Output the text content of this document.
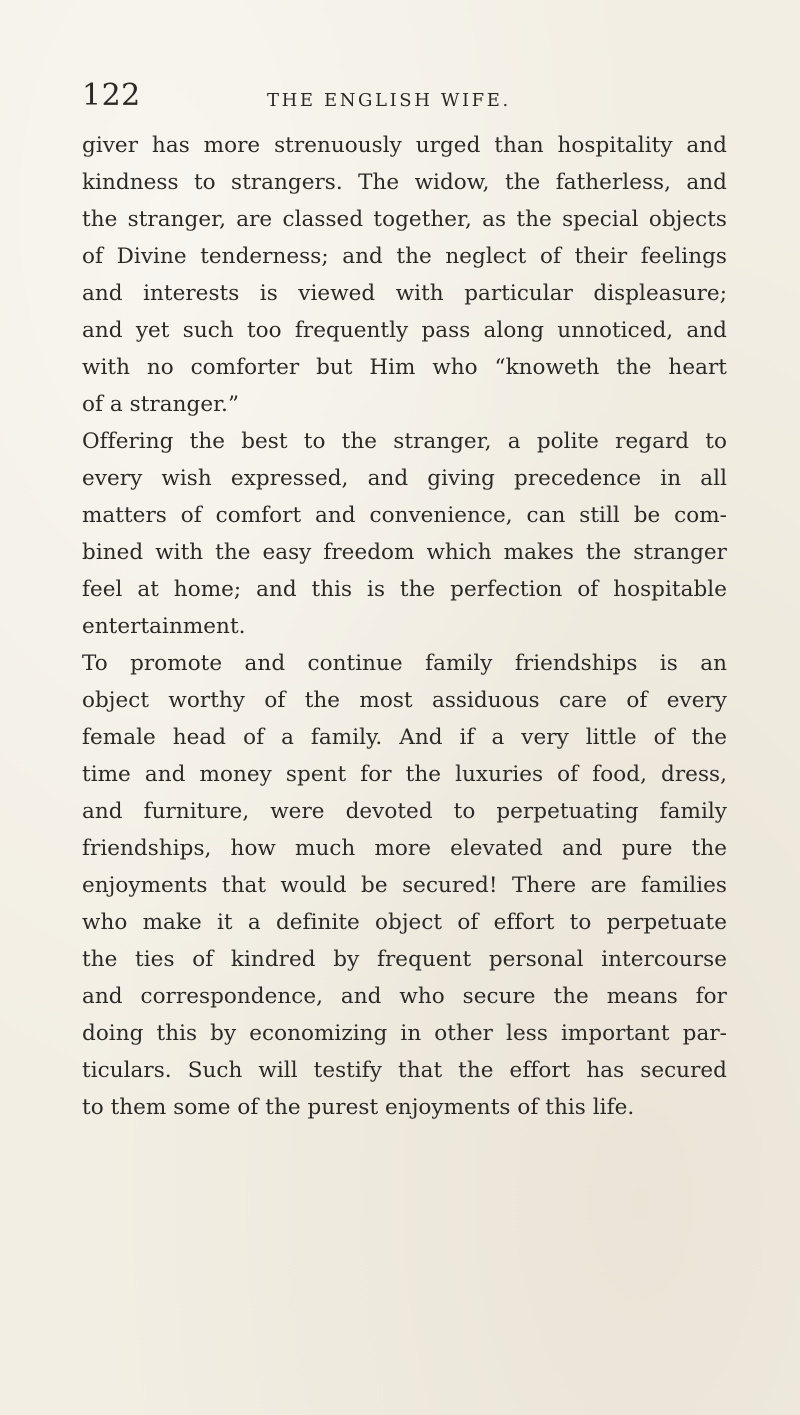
122	THE ENGLISH WIFE.
giver has more strenuously urged than hospitality and
kindness to strangers. The widow, the fatherless, and
the stranger, are classed together, as the special objects
of Divine tenderness; and the neglect of their feelings
and interests is viewed with particular displeasure;
and yet such too frequently pass along unnoticed, and
with no comforter but Him who “knoweth the heart
of a stranger.”
Offering the best to the stranger, a polite regard to
every wish expressed, and giving precedence in all
matters of comfort and convenience, can still be com-
bined with the easy freedom which makes the stranger
feel at home; and this is the perfection of hospitable
entertainment.
To promote and continue family friendships is an
object worthy of the most assiduous care of every
female head of a family. And if a very little of the
time and money spent for the luxuries of food, dress,
and furniture, were devoted to perpetuating family
friendships, how much more elevated and pure the
enjoyments that would be secured! There are families
who make it a definite object of effort to perpetuate
the ties of kindred by frequent personal intercourse
and correspondence, and who secure the means for
doing this by economizing in other less important par-
ticulars. Such will testify that the effort has secured
to them some of the purest enjoyments of this life.
